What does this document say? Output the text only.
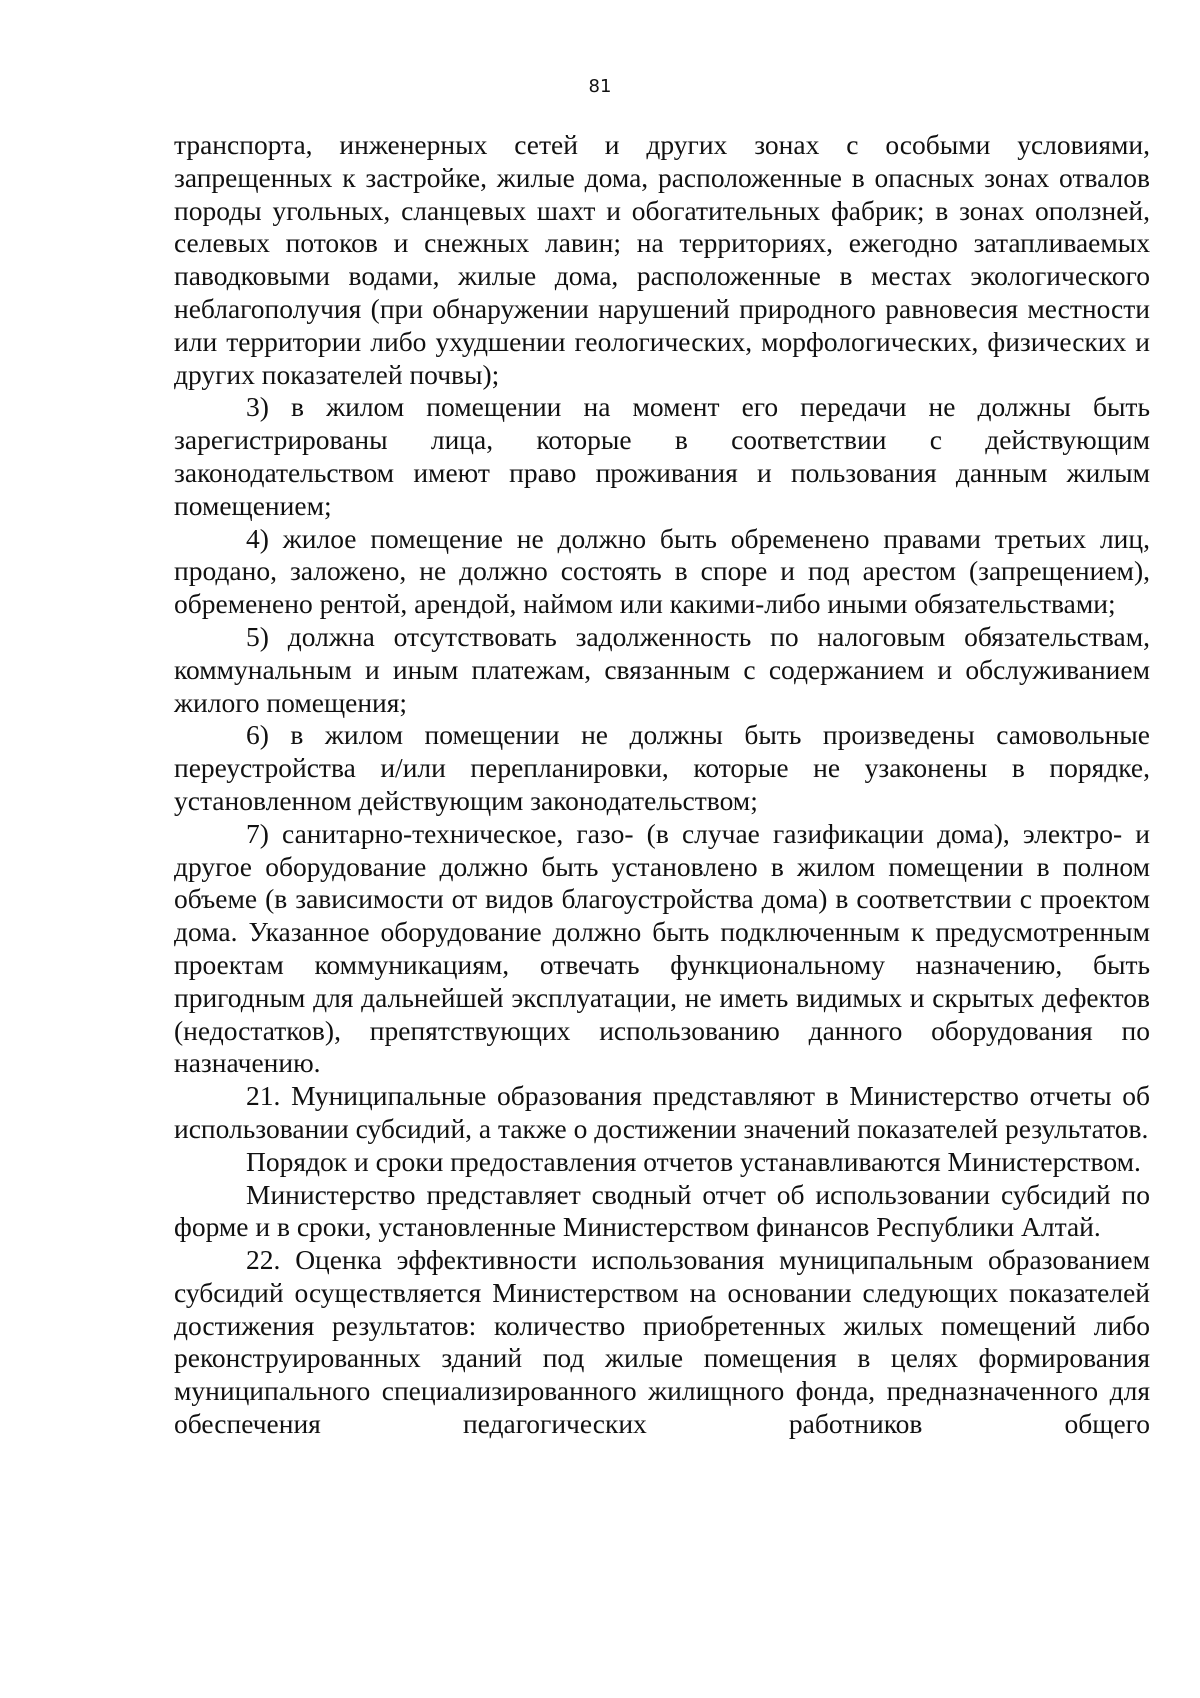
81

транспорта, инженерных сетей и других зонах с особыми условиями, запрещенных к застройке, жилые дома, расположенные в опасных зонах отвалов породы угольных, сланцевых шахт и обогатительных фабрик; в зонах оползней, селевых потоков и снежных лавин; на территориях, ежегодно затапливаемых паводковыми водами, жилые дома, расположенные в местах экологического неблагополучия (при обнаружении нарушений природного равновесия местности или территории либо ухудшении геологических, морфологических, физических и других показателей почвы);

3) в жилом помещении на момент его передачи не должны быть зарегистрированы лица, которые в соответствии с действующим законодательством имеют право проживания и пользования данным жилым помещением;

4) жилое помещение не должно быть обременено правами третьих лиц, продано, заложено, не должно состоять в споре и под арестом (запрещением), обременено рентой, арендой, наймом или какими-либо иными обязательствами;

5) должна отсутствовать задолженность по налоговым обязательствам, коммунальным и иным платежам, связанным с содержанием и обслуживанием жилого помещения;

6) в жилом помещении не должны быть произведены самовольные переустройства и/или перепланировки, которые не узаконены в порядке, установленном действующим законодательством;

7) санитарно-техническое, газо- (в случае газификации дома), электро- и другое оборудование должно быть установлено в жилом помещении в полном объеме (в зависимости от видов благоустройства дома) в соответствии с проектом дома. Указанное оборудование должно быть подключенным к предусмотренным проектам коммуникациям, отвечать функциональному назначению, быть пригодным для дальнейшей эксплуатации, не иметь видимых и скрытых дефектов (недостатков), препятствующих использованию данного оборудования по назначению.

21. Муниципальные образования представляют в Министерство отчеты об использовании субсидий, а также о достижении значений показателей результатов.

Порядок и сроки предоставления отчетов устанавливаются Министерством.

Министерство представляет сводный отчет об использовании субсидий по форме и в сроки, установленные Министерством финансов Республики Алтай.

22. Оценка эффективности использования муниципальным образованием субсидий осуществляется Министерством на основании следующих показателей достижения результатов: количество приобретенных жилых помещений либо реконструированных зданий под жилые помещения в целях формирования муниципального специализированного жилищного фонда, предназначенного для обеспечения педагогических работников общего
